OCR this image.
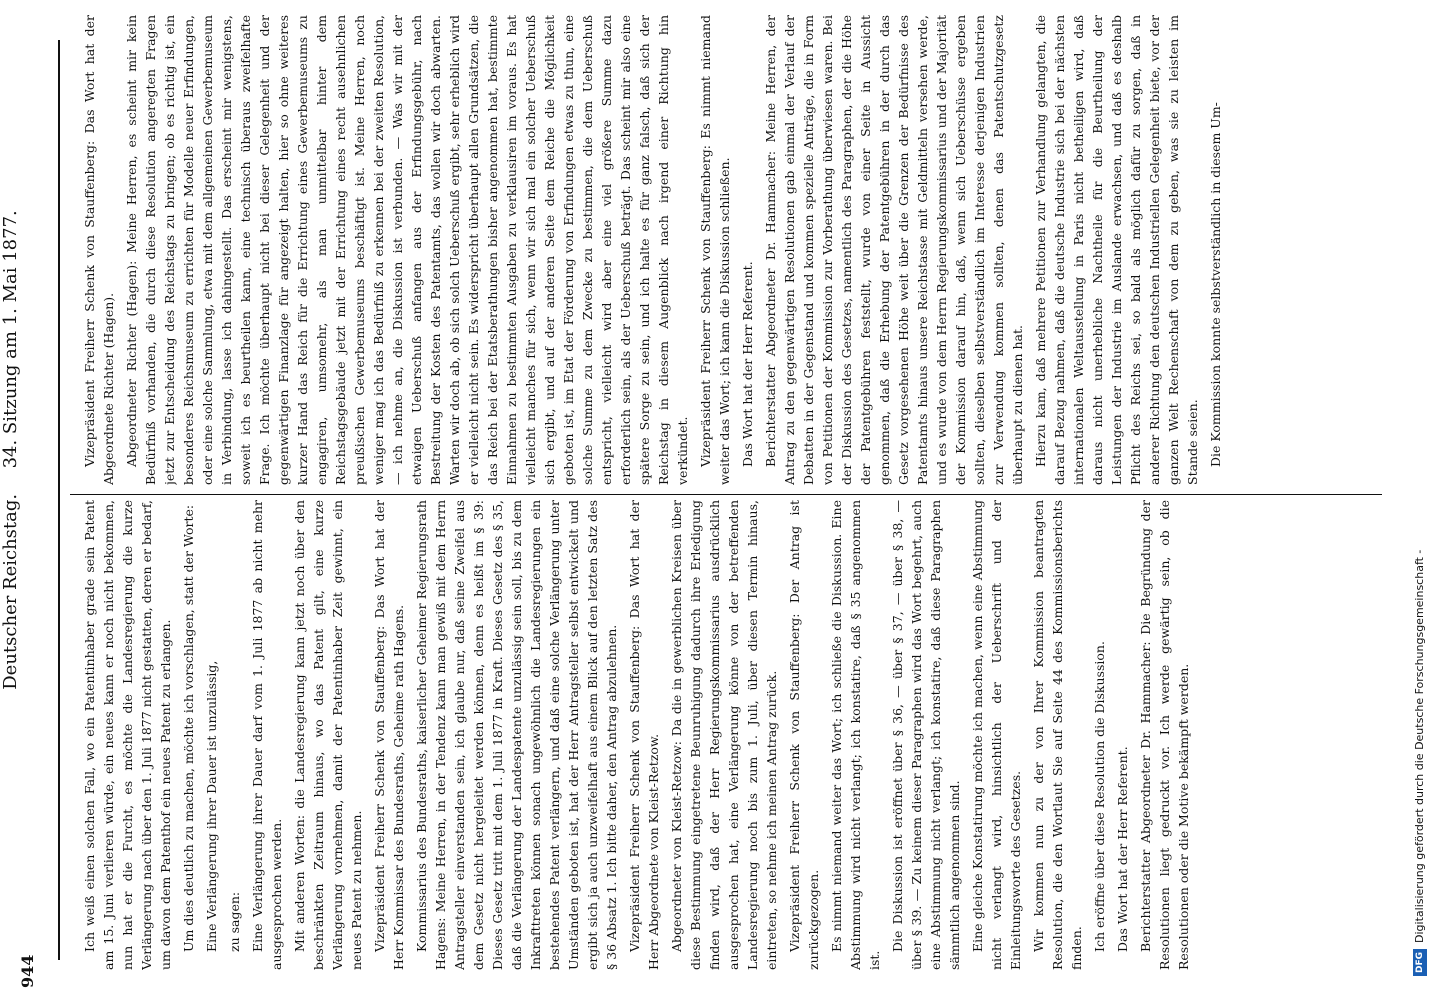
944
Deutscher Reichstag.     34. Sitzung am 1. Mai 1877.

Ich weiß einen solchen Fall, wo ein Patentinhaber grade sein Patent am 15. Juni verlieren würde, ein neues kann er noch nicht bekommen, nun hat er die Furcht, es möchte die Landesregierung die kurze Verlängerung nach über den 1. Juli 1877 nicht gestatten, deren er bedarf, um davon dem Patenthof ein neues Patent zu erlangen. Um dies deutlich zu machen, möchte ich vorschlagen, statt der Worte: Eine Verlängerung ihrer Dauer ist unzulässig, zu sagen: Eine Verlängerung ihrer Dauer darf vom 1. Juli 1877 ab nicht mehr ausgesprochen werden. Mit anderen Worten: die Landesregierung kann jetzt noch über den beschränkten Zeitraum hinaus, wo das Patent gilt, eine kurze Verlängerung vornehmen, damit der Patentinhaber Zeit gewinnt, ein neues Patent zu nehmen. Vizepräsident Freiherr Schenk von Stauffenberg: Das Wort hat der Herr Kommissar des Bundesraths, Geheime rath Hagens. Kommissarius des Bundesraths, kaiserlicher Geheimer Regierungsrath Hagens: Meine Herren, in der Tendenz kann man gewiß mit dem Herrn Antragsteller einverstanden sein, ich glaube nur, daß seine Zweifel aus dem Gesetz nicht hergeleitet werden können, denn es heißt im § 39: Dieses Gesetz tritt mit dem 1. Juli 1877 in Kraft. Dieses Gesetz des § 35, daß die Verlängerung der Landespatente unzulässig sein soll, bis zu dem Inkrafttreten können sonach ungewöhnlich die Landesregierungen ein bestehendes Patent verlängern, und daß eine solche Verlängerung unter Umständen geboten ist, hat der Herr Antragsteller selbst entwickelt und ergibt sich ja auch unzweifelhaft aus einem Blick auf den letzten Satz des § 36 Absatz 1. Ich bitte daher, den Antrag abzulehnen. Vizepräsident Freiherr Schenk von Stauffenberg: Das Wort hat der Herr Abgeordnete von Kleist-Retzow. Abgeordneter von Kleist-Retzow: Da die in gewerblichen Kreisen über diese Bestimmung eingetretene Beunruhigung dadurch ihre Erledigung finden wird, daß der Herr Regierungskommissarius ausdrücklich ausgesprochen hat, eine Verlängerung könne von der betreffenden Landesregierung noch bis zum 1. Juli, über diesen Termin hinaus, eintreten, so nehme ich meinen Antrag zurück. Vizepräsident Freiherr Schenk von Stauffenberg: Der Antrag ist zurückgezogen. Es nimmt niemand weiter das Wort; ich schließe die Diskussion. Eine Abstimmung wird nicht verlangt; ich konstatire, daß § 35 angenommen ist.

Die Diskussion ist eröffnet über § 36, — über § 37, — über § 38, — über § 39. — Zu keinem dieser Paragraphen wird das Wort begehrt, auch eine Abstimmung nicht verlangt; ich konstatire, daß diese Paragraphen sämmtlich angenommen sind. Eine gleiche Konstatirung möchte ich machen, wenn eine Abstimmung nicht verlangt wird, hinsichtlich der Ueberschrift und der Einleitungsworte des Gesetzes. Wir kommen nun zu der von Ihrer Kommission beantragten Resolution, die den Wortlaut Sie auf Seite 44 des Kommissionsberichts finden. Ich eröffne über diese Resolution die Diskussion. Das Wort hat der Herr Referent. Berichterstatter Abgeordneter Dr. Hammacher: Die Begründung der Resolutionen liegt gedruckt vor. Ich werde gewärtig sein, ob die Resolutionen oder die Motive bekämpft werden.

Vizepräsident Freiherr Schenk von Stauffenberg: Das Wort hat der Abgeordnete Richter (Hagen). Abgeordneter Richter (Hagen): Meine Herren, es scheint mir kein Bedürfniß vorhanden, die durch diese Resolution angeregten Fragen jetzt zur Entscheidung des Reichstags zu bringen; ob es richtig ist, ein besonderes Reichsmuseum zu errichten für Modelle neuer Erfindungen, oder eine solche Sammlung, etwa mit dem allgemeinen Gewerbemuseum in Verbindung, lasse ich dahingestellt. Das erscheint mir wenigstens, soweit ich es beurtheilen kann, eine technisch überaus zweifelhafte Frage. Ich möchte überhaupt nicht bei dieser Gelegenheit und der gegenwärtigen Finanzlage für angezeigt halten, hier so ohne weiteres kurzer Hand das Reich für die Errichtung eines Gewerbemuseums zu engagiren, umsomehr, als man unmittelbar hinter dem Reichstagsgebäude jetzt mit der Errichtung eines recht ausehnlichen preußischen Gewerbemuseums beschäftigt ist. Meine Herren, noch weniger mag ich das Bedürfniß zu erkennen bei der zweiten Resolution, — ich nehme an, die Diskussion ist verbunden. — Was wir mit der etwaigen Ueberschuß anfangen aus der Erfindungsgebühr, nach Bestreitung der Kosten des Patentamts, das wollen wir doch abwarten. Warten wir doch ab, ob sich solch Ueberschuß ergibt, sehr erheblich wird er vielleicht nicht sein. Es widerspricht überhaupt allen Grundsätzen, die das Reich bei der Etatsberathungen bisher angenommen hat, bestimmte Einnahmen zu bestimmten Ausgaben zu verklausiren im voraus. Es hat vielleicht manches für sich, wenn wir sich mal ein solcher Ueberschuß sich ergibt, und auf der anderen Seite dem Reiche die Möglichkeit geboten ist, im Etat der Förderung von Erfindungen etwas zu thun, eine solche Summe zu dem Zwecke zu bestimmen, die dem Ueberschuß entspricht, vielleicht wird aber eine viel größere Summe dazu erforderlich sein, als der Ueberschuß beträgt. Das scheint mir also eine spätere Sorge zu sein, und ich halte es für ganz falsch, daß sich der Reichstag in diesem Augenblick nach irgend einer Richtung hin verkündet. Vizepräsident Freiherr Schenk von Stauffenberg: Es nimmt niemand weiter das Wort; ich kann die Diskussion schließen. Das Wort hat der Herr Referent. Berichterstatter Abgeordneter Dr. Hammacher: Meine Herren, der Antrag zu den gegenwärtigen Resolutionen gab einmal der Verlauf der Debatten in der Gegenstand und kommen spezielle Anträge, die in Form von Petitionen der Kommission zur Vorberathung überwiesen waren. Bei der Diskussion des Gesetzes, namentlich des Paragraphen, der die Höhe der Patentgebühren feststellt, wurde von einer Seite in Aussicht genommen, daß die Erhebung der Patentgebühren in der durch das Gesetz vorgesehenen Höhe weit über die Grenzen der Bedürfnisse des Patentamts hinaus unsere Reichstasse mit Geldmitteln versehen werde, und es wurde von dem Herrn Regierungskommissarius und der Majorität der Kommission darauf hin, daß, wenn sich Ueberschüsse ergeben sollten, dieselben selbstverständlich im Interesse derjenigen Industrien zur Verwendung kommen sollten, denen das Patentschutzgesetz überhaupt zu dienen hat. Hierzu kam, daß mehrere Petitionen zur Verhandlung gelangten, die darauf Bezug nahmen, daß die deutsche Industrie sich bei der nächsten internationalen Weltausstellung in Paris nicht betheiligen wird, daß daraus nicht unerhebliche Nachtheile für die Beurtheilung der Leistungen der Industrie im Auslande erwachsen, und daß es deshalb Pflicht des Reichs sei, so bald als möglich dafür zu sorgen, daß in anderer Richtung den deutschen Industriellen Gelegenheit biete, vor der ganzen Welt Rechenschaft von dem zu geben, was sie zu leisten im Stande seien. Die Kommission konnte selbstverständlich in diesem Um-

DFGDigitalisierung gefördert durch die Deutsche Forschungsgemeinschaft -
